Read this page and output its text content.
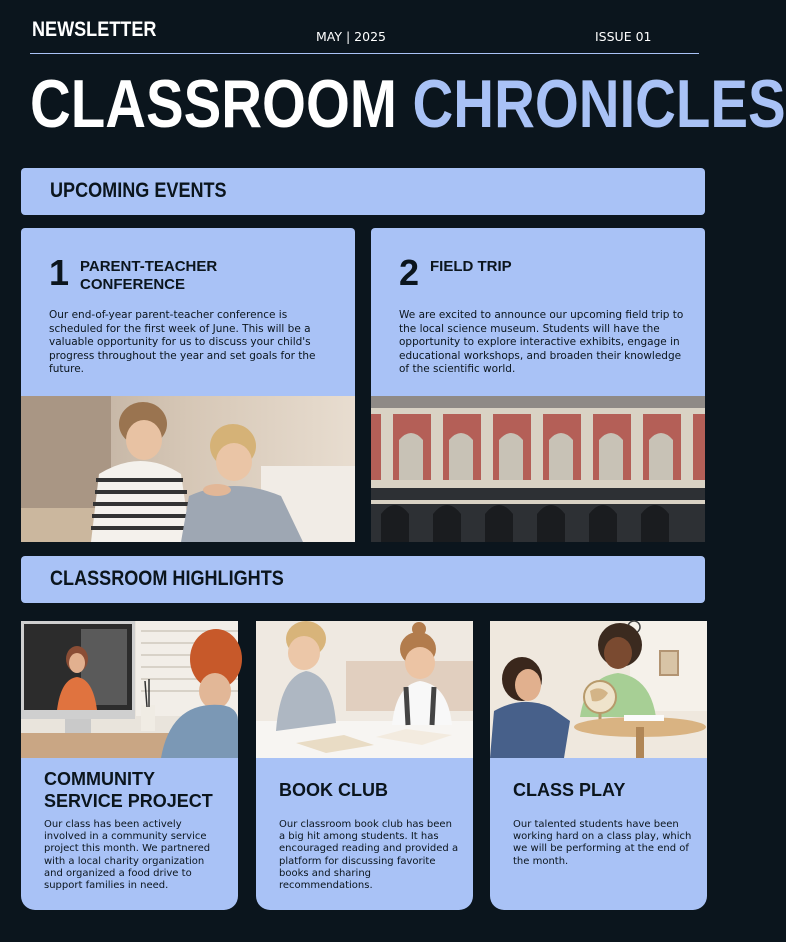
NEWSLETTER	MAY | 2025	ISSUE 01
CLASSROOM CHRONICLES
UPCOMING EVENTS
1 PARENT-TEACHER CONFERENCE
Our end-of-year parent-teacher conference is scheduled for the first week of June. This will be a valuable opportunity for us to discuss your child's progress throughout the year and set goals for the future.
2 FIELD TRIP
We are excited to announce our upcoming field trip to the local science museum. Students will have the opportunity to explore interactive exhibits, engage in educational workshops, and broaden their knowledge of the scientific world.
CLASSROOM HIGHLIGHTS
COMMUNITY SERVICE PROJECT
Our class has been actively involved in a community service project this month. We partnered with a local charity organization and organized a food drive to support families in need.
BOOK CLUB
Our classroom book club has been a big hit among students. It has encouraged reading and provided a platform for discussing favorite books and sharing recommendations.
CLASS PLAY
Our talented students have been working hard on a class play, which we will be performing at the end of the month.
